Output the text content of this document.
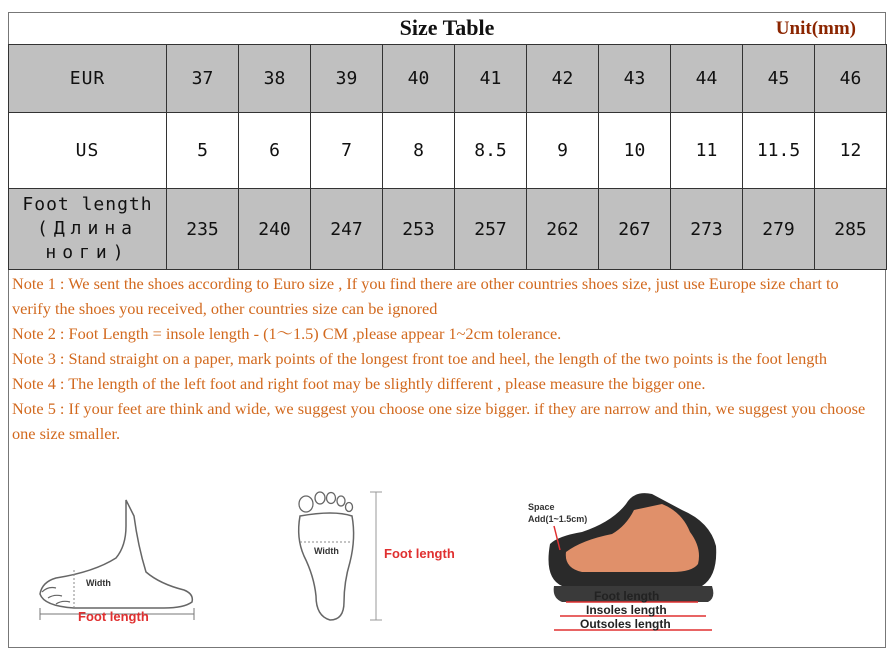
Size Table	Unit(mm)
EUR	37	38	39	40	41	42	43	44	45	46
US	5	6	7	8	8.5	9	10	11	11.5	12

Foot length
(Длина
ноги)	235	240	247	253	257	262	267	273	279	285

Note 1 : We sent the shoes according to Euro size , If you find there are other countries shoes size, just use Europe size chart to verify the shoes you received, other countries size can be ignored

Note 2 : Foot Length = insole length - (1～1.5) CM ,please appear 1~2cm tolerance.

Note 3 : Stand straight on a paper, mark points of the longest front toe and heel, the length of the two points is the foot length

Note 4 : The length of the left foot and right foot may be slightly different , please measure the bigger one.

Note 5 : If your feet are think and wide, we suggest you choose one size bigger. if they are narrow and thin, we suggest you choose one size smaller.

Width
Foot length
Width	Foot length
Space
Add(1~1.5cm)
Foot length
Insoles length
Outsoles length
